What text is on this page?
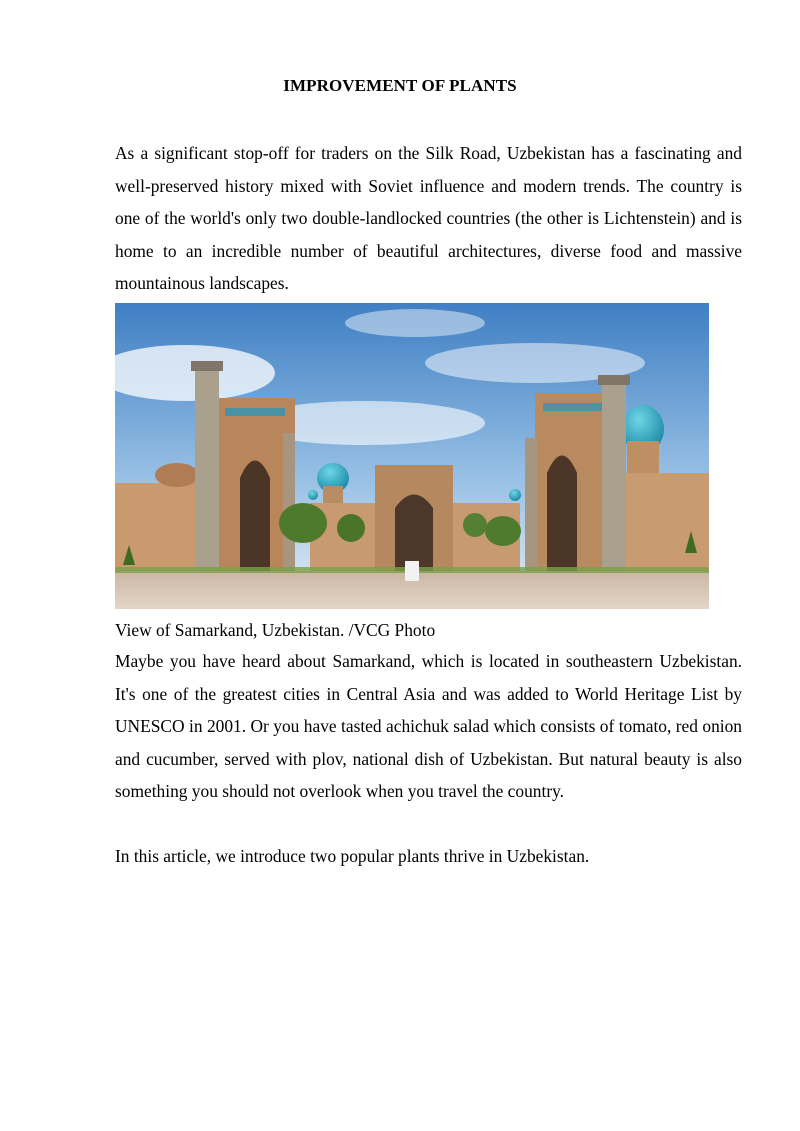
IMPROVEMENT OF PLANTS

As a significant stop-off for traders on the Silk Road, Uzbekistan has a fascinating and well-preserved history mixed with Soviet influence and modern trends. The country is one of the world's only two double-landlocked countries (the other is Lichtenstein) and is home to an incredible number of beautiful architectures, diverse food and massive mountainous landscapes.

View of Samarkand, Uzbekistan. /VCG Photo

Maybe you have heard about Samarkand, which is located in southeastern Uzbekistan. It's one of the greatest cities in Central Asia and was added to World Heritage List by UNESCO in 2001. Or you have tasted achichuk salad which consists of tomato, red onion and cucumber, served with plov, national dish of Uzbekistan. But natural beauty is also something you should not overlook when you travel the country.

In this article, we introduce two popular plants thrive in Uzbekistan.
